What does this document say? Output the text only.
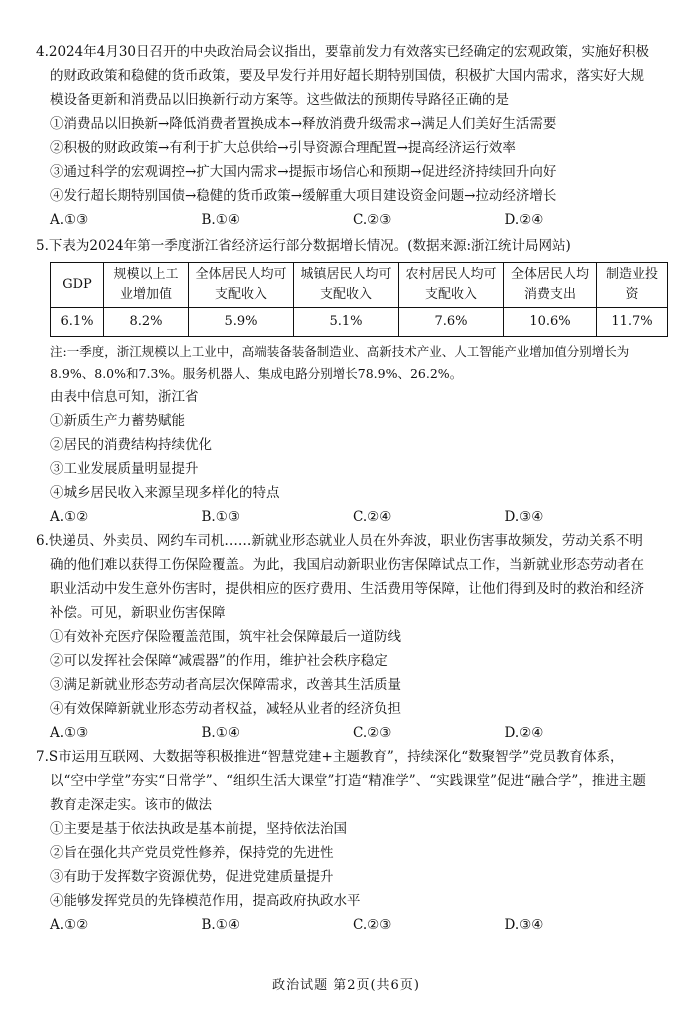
4.2024年4月30日召开的中央政治局会议指出，要靠前发力有效落实已经确定的宏观政策，实施好积极的财政政策和稳健的货币政策，要及早发行并用好超长期特别国债，积极扩大国内需求，落实好大规模设备更新和消费品以旧换新行动方案等。这些做法的预期传导路径正确的是

①消费品以旧换新→降低消费者置换成本→释放消费升级需求→满足人们美好生活需要

②积极的财政政策→有利于扩大总供给→引导资源合理配置→提高经济运行效率

③通过科学的宏观调控→扩大国内需求→提振市场信心和预期→促进经济持续回升向好

④发行超长期特别国债→稳健的货币政策→缓解重大项目建设资金问题→拉动经济增长

A.①③	B.①④	C.②③	D.②④

5.下表为2024年第一季度浙江省经济运行部分数据增长情况。(数据来源:浙江统计局网站)

GDP	规模以上工业增加值	全体居民人均可支配收入	城镇居民人均可支配收入	农村居民人均可支配收入	全体居民人均消费支出	制造业投资
6.1%	8.2%	5.9%	5.1%	7.6%	10.6%	11.7%

注:一季度，浙江规模以上工业中，高端装备装备制造业、高新技术产业、人工智能产业增加值分别增长为8.9%、8.0%和7.3%。服务机器人、集成电路分别增长78.9%、26.2%。

由表中信息可知，浙江省

①新质生产力蓄势赋能

②居民的消费结构持续优化

③工业发展质量明显提升

④城乡居民收入来源呈现多样化的特点

A.①②	B.①③	C.②④	D.③④

6.快递员、外卖员、网约车司机……新就业形态就业人员在外奔波，职业伤害事故频发，劳动关系不明确的他们难以获得工伤保险覆盖。为此，我国启动新职业伤害保障试点工作，当新就业形态劳动者在职业活动中发生意外伤害时，提供相应的医疗费用、生活费用等保障，让他们得到及时的救治和经济补偿。可见，新职业伤害保障

①有效补充医疗保险覆盖范围，筑牢社会保障最后一道防线

②可以发挥社会保障“减震器”的作用，维护社会秩序稳定

③满足新就业形态劳动者高层次保障需求，改善其生活质量

④有效保障新就业形态劳动者权益，减轻从业者的经济负担

A.①③	B.①④	C.②③	D.②④

7.S市运用互联网、大数据等积极推进“智慧党建+主题教育”，持续深化“数聚智学”党员教育体系，以“空中学堂”夯实“日常学”、“组织生活大课堂”打造“精准学”、“实践课堂”促进“融合学”，推进主题教育走深走实。该市的做法

①主要是基于依法执政是基本前提，坚持依法治国

②旨在强化共产党员党性修养，保持党的先进性

③有助于发挥数字资源优势，促进党建质量提升

④能够发挥党员的先锋模范作用，提高政府执政水平

A.①②	B.①④	C.②③	D.③④
政治试题 第2页(共6页)
